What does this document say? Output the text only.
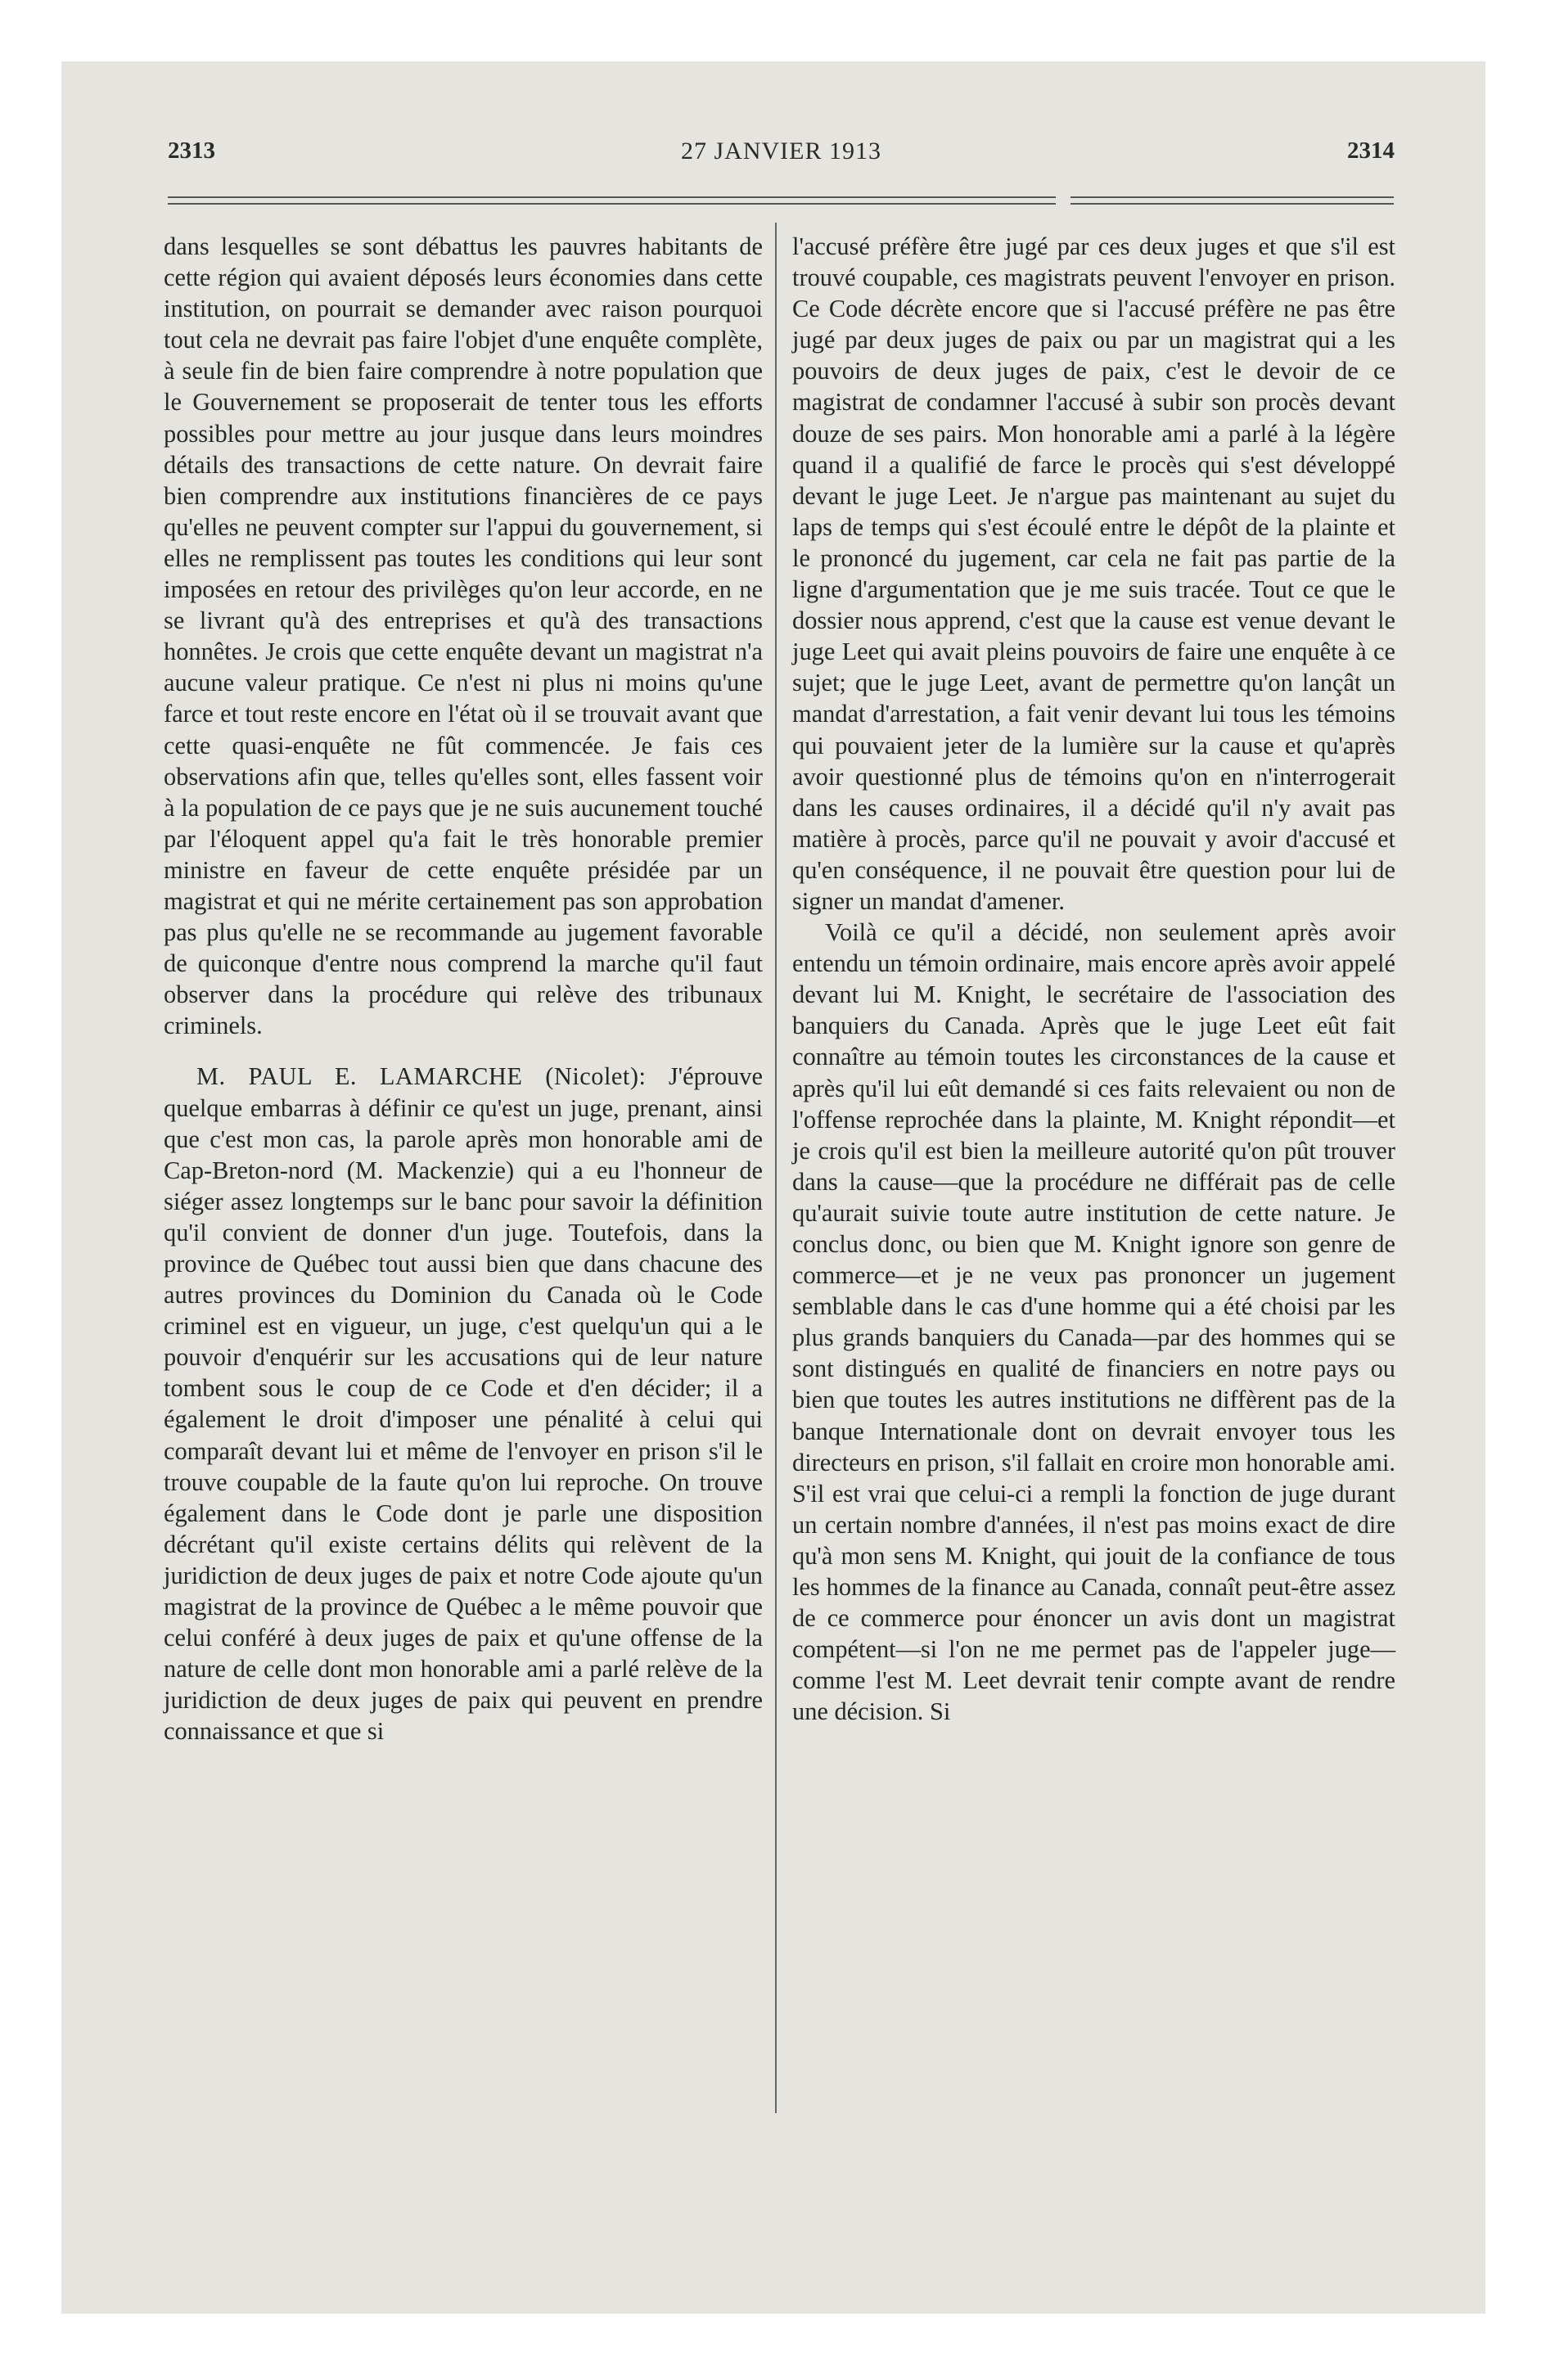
2313	27 JANVIER 1913	2314

dans lesquelles se sont débattus les pauvres habitants de cette région qui avaient déposés leurs économies dans cette institution, on pourrait se demander avec raison pourquoi tout cela ne devrait pas faire l'objet d'une enquête complète, à seule fin de bien faire comprendre à notre population que le Gouvernement se proposerait de tenter tous les efforts possibles pour mettre au jour jusque dans leurs moindres détails des transactions de cette nature. On devrait faire bien comprendre aux institutions financières de ce pays qu'elles ne peuvent compter sur l'appui du gouvernement, si elles ne remplissent pas toutes les conditions qui leur sont imposées en retour des privilèges qu'on leur accorde, en ne se livrant qu'à des entreprises et qu'à des transactions honnêtes. Je crois que cette enquête devant un magistrat n'a aucune valeur pratique. Ce n'est ni plus ni moins qu'une farce et tout reste encore en l'état où il se trouvait avant que cette quasi-enquête ne fût commencée. Je fais ces observations afin que, telles qu'elles sont, elles fassent voir à la population de ce pays que je ne suis aucunement touché par l'éloquent appel qu'a fait le très honorable premier ministre en faveur de cette enquête présidée par un magistrat et qui ne mérite certainement pas son approbation pas plus qu'elle ne se recommande au jugement favorable de quiconque d'entre nous comprend la marche qu'il faut observer dans la procédure qui relève des tribunaux criminels.

M. PAUL E. LAMARCHE (Nicolet): J'éprouve quelque embarras à définir ce qu'est un juge, prenant, ainsi que c'est mon cas, la parole après mon honorable ami de Cap-Breton-nord (M. Mackenzie) qui a eu l'honneur de siéger assez longtemps sur le banc pour savoir la définition qu'il convient de donner d'un juge. Toutefois, dans la province de Québec tout aussi bien que dans chacune des autres provinces du Dominion du Canada où le Code criminel est en vigueur, un juge, c'est quelqu'un qui a le pouvoir d'enquérir sur les accusations qui de leur nature tombent sous le coup de ce Code et d'en décider; il a également le droit d'imposer une pénalité à celui qui comparaît devant lui et même de l'envoyer en prison s'il le trouve coupable de la faute qu'on lui reproche. On trouve également dans le Code dont je parle une disposition décrétant qu'il existe certains délits qui relèvent de la juridiction de deux juges de paix et notre Code ajoute qu'un magistrat de la province de Québec a le même pouvoir que celui conféré à deux juges de paix et qu'une offense de la nature de celle dont mon honorable ami a parlé relève de la juridiction de deux juges de paix qui peuvent en prendre connaissance et que si

l'accusé préfère être jugé par ces deux juges et que s'il est trouvé coupable, ces magistrats peuvent l'envoyer en prison. Ce Code décrète encore que si l'accusé préfère ne pas être jugé par deux juges de paix ou par un magistrat qui a les pouvoirs de deux juges de paix, c'est le devoir de ce magistrat de condamner l'accusé à subir son procès devant douze de ses pairs. Mon honorable ami a parlé à la légère quand il a qualifié de farce le procès qui s'est développé devant le juge Leet. Je n'argue pas maintenant au sujet du laps de temps qui s'est écoulé entre le dépôt de la plainte et le prononcé du jugement, car cela ne fait pas partie de la ligne d'argumentation que je me suis tracée. Tout ce que le dossier nous apprend, c'est que la cause est venue devant le juge Leet qui avait pleins pouvoirs de faire une enquête à ce sujet; que le juge Leet, avant de permettre qu'on lançât un mandat d'arrestation, a fait venir devant lui tous les témoins qui pouvaient jeter de la lumière sur la cause et qu'après avoir questionné plus de témoins qu'on en n'interrogerait dans les causes ordinaires, il a décidé qu'il n'y avait pas matière à procès, parce qu'il ne pouvait y avoir d'accusé et qu'en conséquence, il ne pouvait être question pour lui de signer un mandat d'amener.

Voilà ce qu'il a décidé, non seulement après avoir entendu un témoin ordinaire, mais encore après avoir appelé devant lui M. Knight, le secrétaire de l'association des banquiers du Canada. Après que le juge Leet eût fait connaître au témoin toutes les circonstances de la cause et après qu'il lui eût demandé si ces faits relevaient ou non de l'offense reprochée dans la plainte, M. Knight répondit—et je crois qu'il est bien la meilleure autorité qu'on pût trouver dans la cause—que la procédure ne différait pas de celle qu'aurait suivie toute autre institution de cette nature. Je conclus donc, ou bien que M. Knight ignore son genre de commerce—et je ne veux pas prononcer un jugement semblable dans le cas d'une homme qui a été choisi par les plus grands banquiers du Canada—par des hommes qui se sont distingués en qualité de financiers en notre pays ou bien que toutes les autres institutions ne diffèrent pas de la banque Internationale dont on devrait envoyer tous les directeurs en prison, s'il fallait en croire mon honorable ami. S'il est vrai que celui-ci a rempli la fonction de juge durant un certain nombre d'années, il n'est pas moins exact de dire qu'à mon sens M. Knight, qui jouit de la confiance de tous les hommes de la finance au Canada, connaît peut-être assez de ce commerce pour énoncer un avis dont un magistrat compétent—si l'on ne me permet pas de l'appeler juge—comme l'est M. Leet devrait tenir compte avant de rendre une décision. Si
